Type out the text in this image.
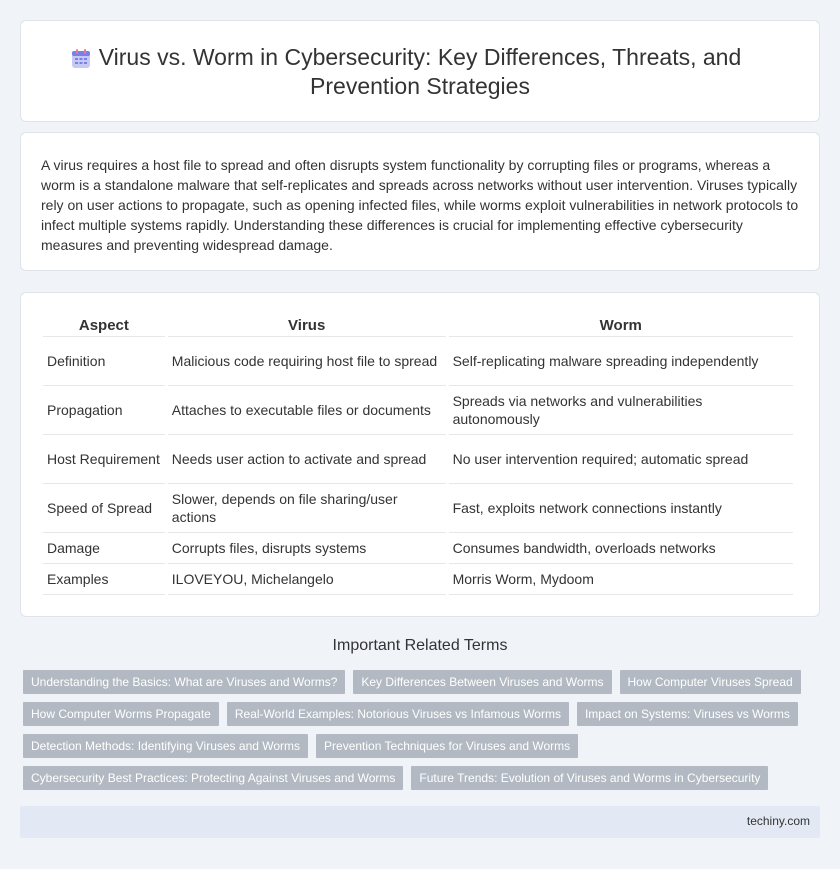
Virus vs. Worm in Cybersecurity: Key Differences, Threats, and Prevention Strategies

A virus requires a host file to spread and often disrupts system functionality by corrupting files or programs, whereas a worm is a standalone malware that self-replicates and spreads across networks without user intervention. Viruses typically rely on user actions to propagate, such as opening infected files, while worms exploit vulnerabilities in network protocols to infect multiple systems rapidly. Understanding these differences is crucial for implementing effective cybersecurity measures and preventing widespread damage.

Aspect	Virus	Worm
Definition	Malicious code requiring host file to spread	Self-replicating malware spreading independently
Propagation	Attaches to executable files or documents	Spreads via networks and vulnerabilities autonomously
Host Requirement	Needs user action to activate and spread	No user intervention required; automatic spread
Speed of Spread	Slower, depends on file sharing/user actions	Fast, exploits network connections instantly
Damage	Corrupts files, disrupts systems	Consumes bandwidth, overloads networks
Examples	ILOVEYOU, Michelangelo	Morris Worm, Mydoom
Important Related Terms
Understanding the Basics: What are Viruses and Worms?	Key Differences Between Viruses and Worms	How Computer Viruses Spread
How Computer Worms Propagate	Real-World Examples: Notorious Viruses vs Infamous Worms	Impact on Systems: Viruses vs Worms
Detection Methods: Identifying Viruses and Worms	Prevention Techniques for Viruses and Worms
Cybersecurity Best Practices: Protecting Against Viruses and Worms	Future Trends: Evolution of Viruses and Worms in Cybersecurity
techiny.com
